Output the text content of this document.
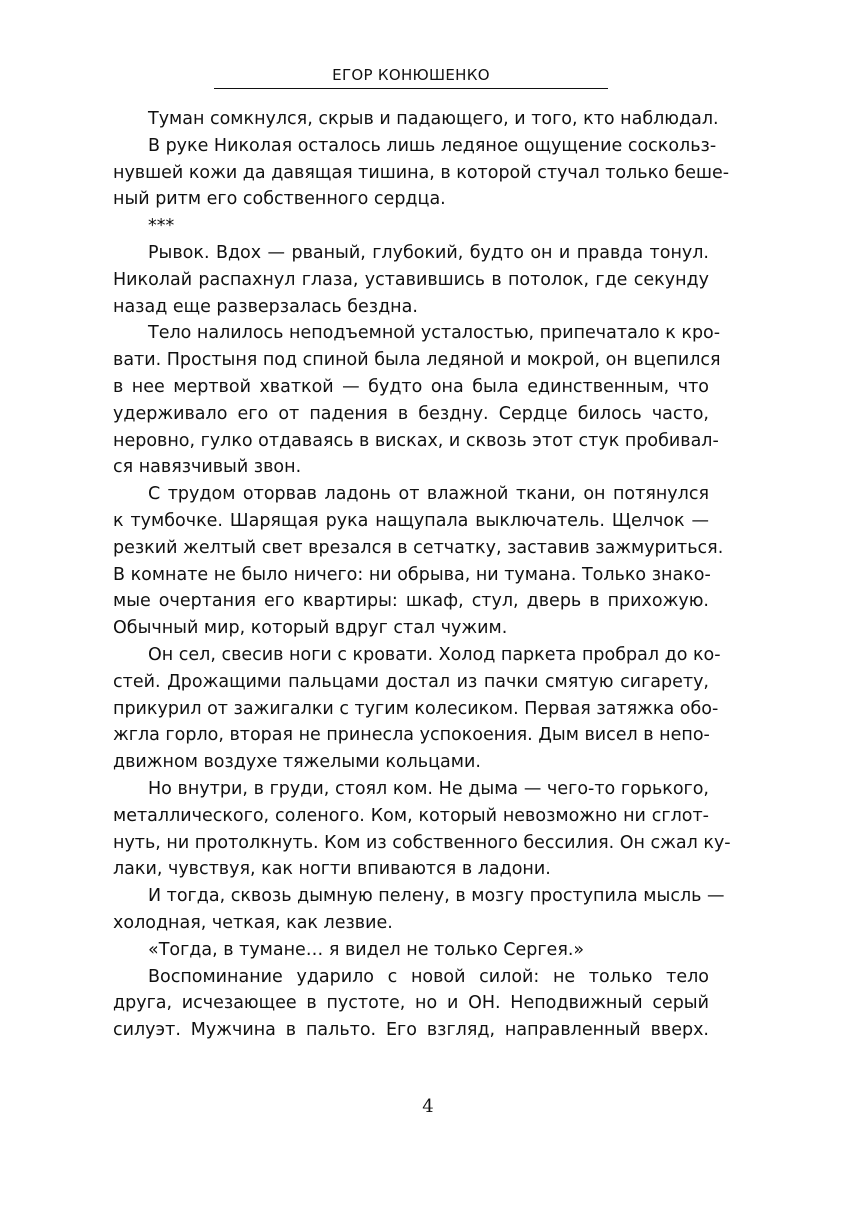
ЕГОР КОНЮШЕНКО
Туман сомкнулся, скрыв и падающего, и того, кто наблюдал.
В руке Николая осталось лишь ледяное ощущение соскольз-
нувшей кожи да давящая тишина, в которой стучал только беше-
ный ритм его собственного сердца.
***
Рывок. Вдох — рваный, глубокий, будто он и правда тонул.
Николай распахнул глаза, уставившись в потолок, где секунду
назад еще разверзалась бездна.
Тело налилось неподъемной усталостью, припечатало к кро-
вати. Простыня под спиной была ледяной и мокрой, он вцепился
в нее мертвой хваткой — будто она была единственным, что
удерживало его от падения в бездну. Сердце билось часто,
неровно, гулко отдаваясь в висках, и сквозь этот стук пробивал-
ся навязчивый звон.
С трудом оторвав ладонь от влажной ткани, он потянулся
к тумбочке. Шарящая рука нащупала выключатель. Щелчок —
резкий желтый свет врезался в сетчатку, заставив зажмуриться.
В комнате не было ничего: ни обрыва, ни тумана. Только знако-
мые очертания его квартиры: шкаф, стул, дверь в прихожую.
Обычный мир, который вдруг стал чужим.
Он сел, свесив ноги с кровати. Холод паркета пробрал до ко-
стей. Дрожащими пальцами достал из пачки смятую сигарету,
прикурил от зажигалки с тугим колесиком. Первая затяжка обо-
жгла горло, вторая не принесла успокоения. Дым висел в непо-
движном воздухе тяжелыми кольцами.
Но внутри, в груди, стоял ком. Не дыма — чего-то горького,
металлического, соленого. Ком, который невозможно ни сглот-
нуть, ни протолкнуть. Ком из собственного бессилия. Он сжал ку-
лаки, чувствуя, как ногти впиваются в ладони.
И тогда, сквозь дымную пелену, в мозгу проступила мысль —
холодная, четкая, как лезвие.
«Тогда, в тумане… я видел не только Сергея.»
Воспоминание ударило с новой силой: не только тело
друга, исчезающее в пустоте, но и ОН. Неподвижный серый
силуэт. Мужчина в пальто. Его взгляд, направленный вверх.
4
